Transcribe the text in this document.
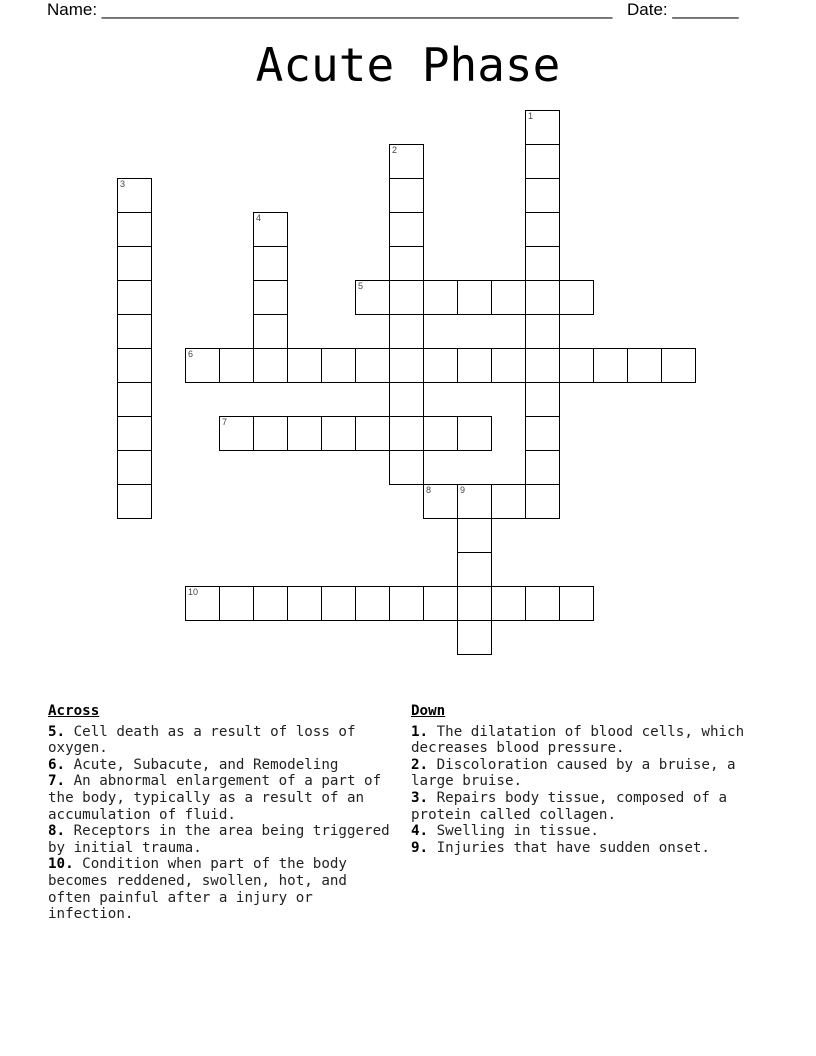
Name: ______________________________________________________ Date: _______
Acute Phase
5
6
7
8	9
10
1
2
3
4
Across

5. Cell death as a result of loss of oxygen.

6. Acute, Subacute, and Remodeling

7. An abnormal enlargement of a part of the body, typically as a result of an accumulation of fluid.

8. Receptors in the area being triggered by initial trauma.

10. Condition when part of the body becomes reddened, swollen, hot, and often painful after a injury or infection.

Down

1. The dilatation of blood cells, which decreases blood pressure.

2. Discoloration caused by a bruise, a large bruise.

3. Repairs body tissue, composed of a protein called collagen.

4. Swelling in tissue.

9. Injuries that have sudden onset.
